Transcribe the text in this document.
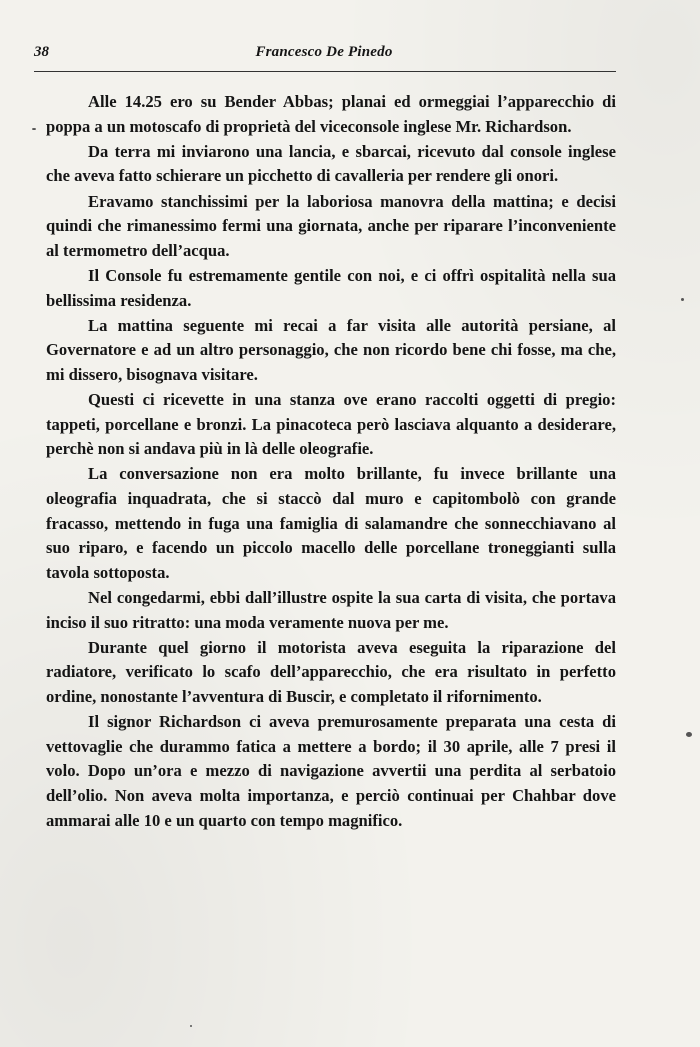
38	Francesco De Pinedo

Alle 14.25 ero su Bender Abbas; planai ed ormeggiai l’apparecchio di poppa a un motoscafo di proprietà del viceconsole inglese Mr. Richardson.

Da terra mi inviarono una lancia, e sbarcai, ricevuto dal console inglese che aveva fatto schierare un picchetto di cavalleria per rendere gli onori.

Eravamo stanchissimi per la laboriosa manovra della mattina; e decisi quindi che rimanessimo fermi una giornata, anche per riparare l’inconveniente al termometro dell’acqua.

Il Console fu estremamente gentile con noi, e ci offrì ospitalità nella sua bellissima residenza.

La mattina seguente mi recai a far visita alle autorità persiane, al Governatore e ad un altro personaggio, che non ricordo bene chi fosse, ma che, mi dissero, bisognava visitare.

Questi ci ricevette in una stanza ove erano raccolti oggetti di pregio: tappeti, porcellane e bronzi. La pinacoteca però lasciava alquanto a desiderare, perchè non si andava più in là delle oleografie.

La conversazione non era molto brillante, fu invece brillante una oleografia inquadrata, che si staccò dal muro e capitombolò con grande fracasso, mettendo in fuga una famiglia di salamandre che sonnecchiavano al suo riparo, e facendo un piccolo macello delle porcellane troneggianti sulla tavola sottoposta.

Nel congedarmi, ebbi dall’illustre ospite la sua carta di visita, che portava inciso il suo ritratto: una moda veramente nuova per me.

Durante quel giorno il motorista aveva eseguita la riparazione del radiatore, verificato lo scafo dell’apparecchio, che era risultato in perfetto ordine, nonostante l’avventura di Buscir, e completato il rifornimento.

Il signor Richardson ci aveva premurosamente preparata una cesta di vettovaglie che durammo fatica a mettere a bordo; il 30 aprile, alle 7 presi il volo. Dopo un’ora e mezzo di navigazione avvertii una perdita al serbatoio dell’olio. Non aveva molta importanza, e perciò continuai per Chahbar dove ammarai alle 10 e un quarto con tempo magnifico.
